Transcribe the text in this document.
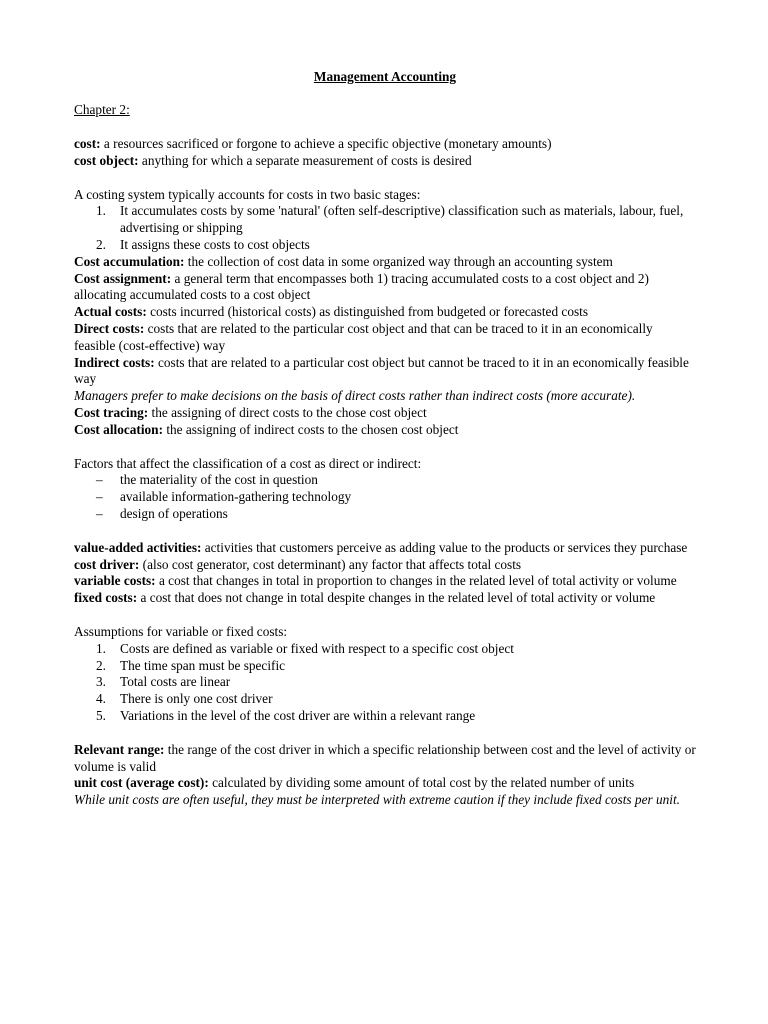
Management Accounting

Chapter 2:

cost: a resources sacrificed or forgone to achieve a specific objective (monetary amounts)

cost object: anything for which a separate measurement of costs is desired

A costing system typically accounts for costs in two basic stages:

1.	It accumulates costs by some 'natural' (often self-descriptive) classification such as materials, labour, fuel, advertising or shipping
2.	It assigns these costs to cost objects

Cost accumulation: the collection of cost data in some organized way through an accounting system

Cost assignment: a general term that encompasses both 1) tracing accumulated costs to a cost object and 2) allocating accumulated costs to a cost object

Actual costs: costs incurred (historical costs) as distinguished from budgeted or forecasted costs

Direct costs: costs that are related to the particular cost object and that can be traced to it in an economically feasible (cost-effective) way

Indirect costs: costs that are related to a particular cost object but cannot be traced to it in an economically feasible way

Managers prefer to make decisions on the basis of direct costs rather than indirect costs (more accurate).

Cost tracing: the assigning of direct costs to the chose cost object

Cost allocation: the assigning of indirect costs to the chosen cost object

Factors that affect the classification of a cost as direct or indirect:

–	the materiality of the cost in question
–	available information-gathering technology
–	design of operations

value-added activities: activities that customers perceive as adding value to the products or services they purchase

cost driver: (also cost generator, cost determinant) any factor that affects total costs

variable costs: a cost that changes in total in proportion to changes in the related level of total activity or volume

fixed costs: a cost that does not change in total despite changes in the related level of total activity or volume

Assumptions for variable or fixed costs:

1.	Costs are defined as variable or fixed with respect to a specific cost object
2.	The time span must be specific
3.	Total costs are linear
4.	There is only one cost driver
5.	Variations in the level of the cost driver are within a relevant range

Relevant range: the range of the cost driver in which a specific relationship between cost and the level of activity or volume is valid

unit cost (average cost): calculated by dividing some amount of total cost by the related number of units

While unit costs are often useful, they must be interpreted with extreme caution if they include fixed costs per unit.
